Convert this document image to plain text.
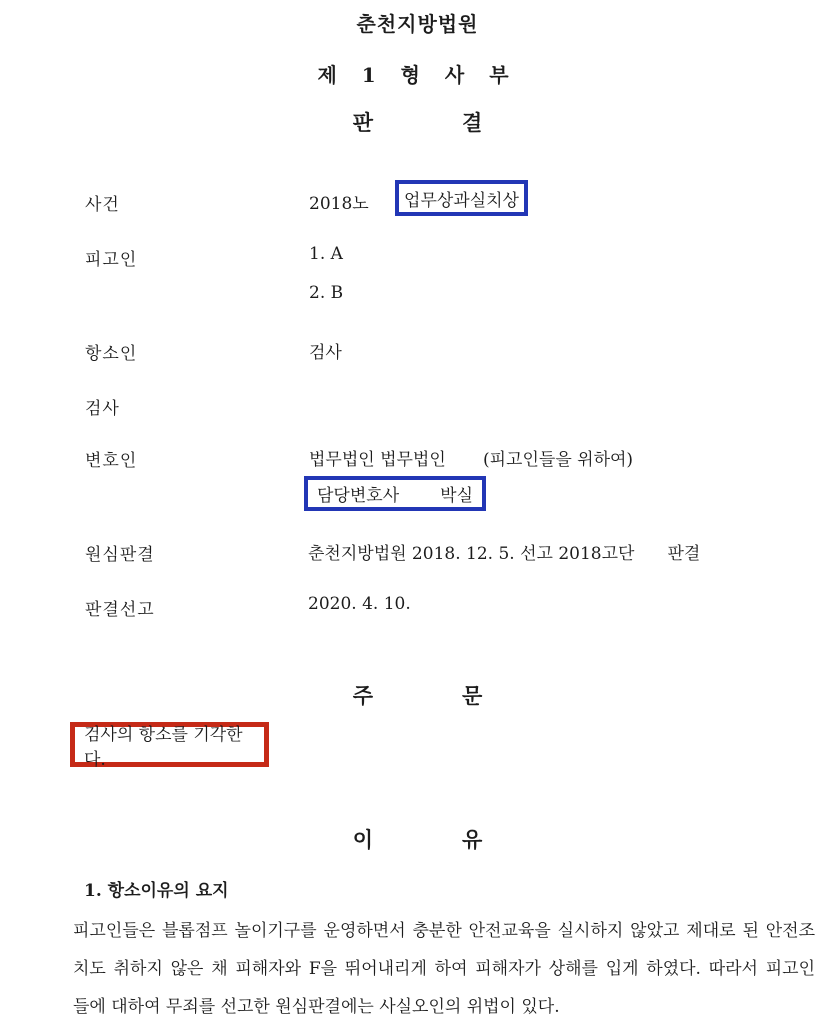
춘천지방법원
제 1 형 사 부
판	결
사건	2018노 업무상과실치상
피고인	1. A
2. B
항소인	검사
검사
변호인	법무법인 법무법인 (피고인들을 위하여)
담당변호사 박실
원심판결	춘천지방법원 2018. 12. 5. 선고 2018고단 판결
판결선고	2020. 4. 10.
주	문
검사의 항소를 기각한다.
이	유
1. 항소이유의 요지
피고인들은 블롭점프 놀이기구를 운영하면서 충분한 안전교육을 실시하지 않았고 제대로 된 안전조
치도 취하지 않은 채 피해자와 F을 뛰어내리게 하여 피해자가 상해를 입게 하였다. 따라서 피고인
들에 대하여 무죄를 선고한 원심판결에는 사실오인의 위법이 있다.
